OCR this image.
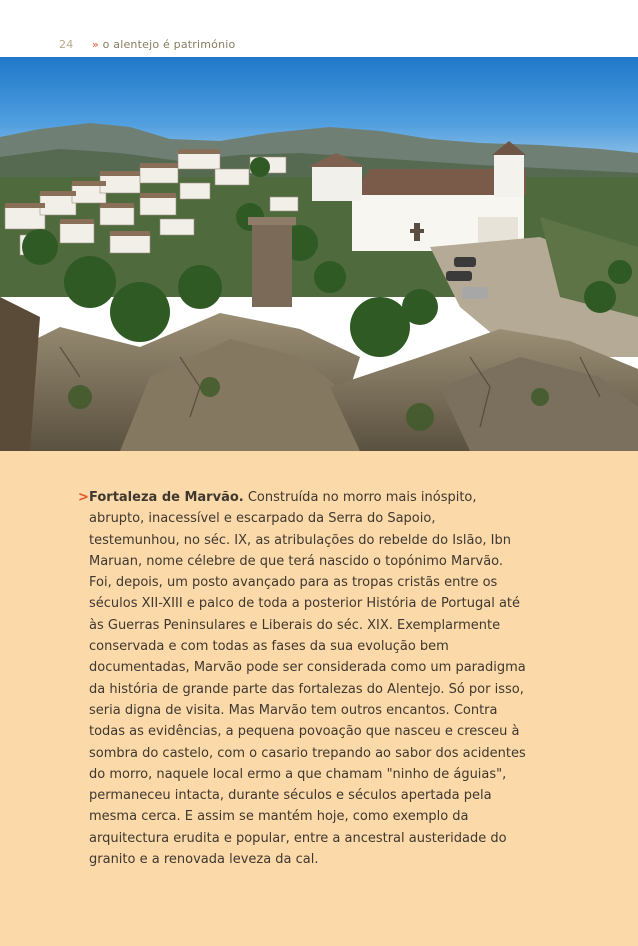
24 » o alentejo é património

> Fortaleza de Marvão. Construída no morro mais inóspito, abrupto, inacessível e escarpado da Serra do Sapoio, testemunhou, no séc. IX, as atribulações do rebelde do Islão, Ibn Maruan, nome célebre de que terá nascido o topónimo Marvão. Foi, depois, um posto avançado para as tropas cristãs entre os séculos XII-XIII e palco de toda a posterior História de Portugal até às Guerras Peninsulares e Liberais do séc. XIX. Exemplarmente conservada e com todas as fases da sua evolução bem documentadas, Marvão pode ser considerada como um paradigma da história de grande parte das fortalezas do Alentejo. Só por isso, seria digna de visita. Mas Marvão tem outros encantos. Contra todas as evidências, a pequena povoação que nasceu e cresceu à sombra do castelo, com o casario trepando ao sabor dos acidentes do morro, naquele local ermo a que chamam "ninho de águias", permaneceu intacta, durante séculos e séculos apertada pela mesma cerca. E assim se mantém hoje, como exemplo da arquitectura erudita e popular, entre a ancestral austeridade do granito e a renovada leveza da cal.
